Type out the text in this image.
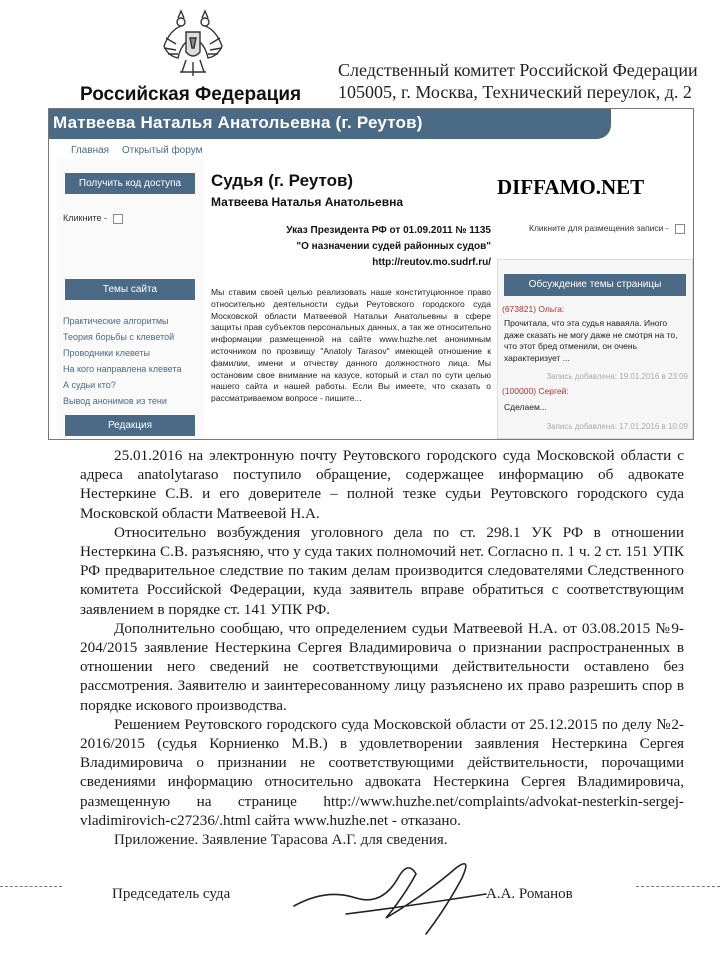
Российская Федерация
Следственный комитет Российской Федерации
105005, г. Москва, Технический переулок, д. 2
Матвеева Наталья Анатольевна (г. Реутов)
Главная Открытый форум
Получить код доступа
Кликните -
Темы сайта
Практические алгоритмы
Теория борьбы с клеветой
Проводники клеветы
На кого направлена клевета
А судьи кто?
Вывод анонимов из тени
Редакция
Судья (г. Реутов)
Матвеева Наталья Анатольевна
Указ Президента РФ от 01.09.2011 № 1135
"О назначении судей районных судов"
http://reutov.mo.sudrf.ru/
Мы ставим своей целью реализовать наше конституционное право относительно деятельности судьи Реутовского городского суда Московской области Матвеевой Натальи Анатольевны в сфере защиты прав субъектов персональных данных, а так же относительно информации размещенной на сайте www.huzhe.net анонимным источником по прозвищу "Anatoly Tarasov" имеющей отношение к фамилии, имени и отчеству данного должностного лица. Мы остановим свое внимание на казусе, который и стал по сути целью нашего сайта и нашей работы. Если Вы имеете, что сказать о рассматриваемом вопросе - пишите...
DIFFAMO.NET
Кликните для размещения записи -
Обсуждение темы страницы
(673821) Ольга:
Прочитала, что эта судья наваяла. Иного даже сказать не могу даже не смотря на то, что этот бред отменили, он очень характеризует ...
Запись добавлена: 19.01.2016 в 23:09
(100000) Сергей:
Сделаем...
Запись добавлена: 17.01.2016 в 10:09

25.01.2016 на электронную почту Реутовского городского суда Московской области с адреса anatolytaraso поступило обращение, содержащее информацию об адвокате Нестеркине С.В. и его доверителе – полной тезке судьи Реутовского городского суда Московской области Матвеевой Н.А.

Относительно возбуждения уголовного дела по ст. 298.1 УК РФ в отношении Нестеркина С.В. разъясняю, что у суда таких полномочий нет. Согласно п. 1 ч. 2 ст. 151 УПК РФ предварительное следствие по таким делам производится следователями Следственного комитета Российской Федерации, куда заявитель вправе обратиться с соответствующим заявлением в порядке ст. 141 УПК РФ.

Дополнительно сообщаю, что определением судьи Матвеевой Н.А. от 03.08.2015 №9-204/2015 заявление Нестеркина Сергея Владимировича о признании распространенных в отношении него сведений не соответствующими действительности оставлено без рассмотрения. Заявителю и заинтересованному лицу разъяснено их право разрешить спор в порядке искового производства.

Решением Реутовского городского суда Московской области от 25.12.2015 по делу №2-2016/2015 (судья Корниенко М.В.) в удовлетворении заявления Нестеркина Сергея Владимировича о признании не соответствующими действительности, порочащими сведениями информацию относительно адвоката Нестеркина Сергея Владимировича, размещенную на странице http://www.huzhe.net/complaints/advokat-nesterkin-sergej-vladimirovich-c27236/.html сайта www.huzhe.net - отказано.

Приложение. Заявление Тарасова А.Г. для сведения.
Председатель суда	А.А. Романов
